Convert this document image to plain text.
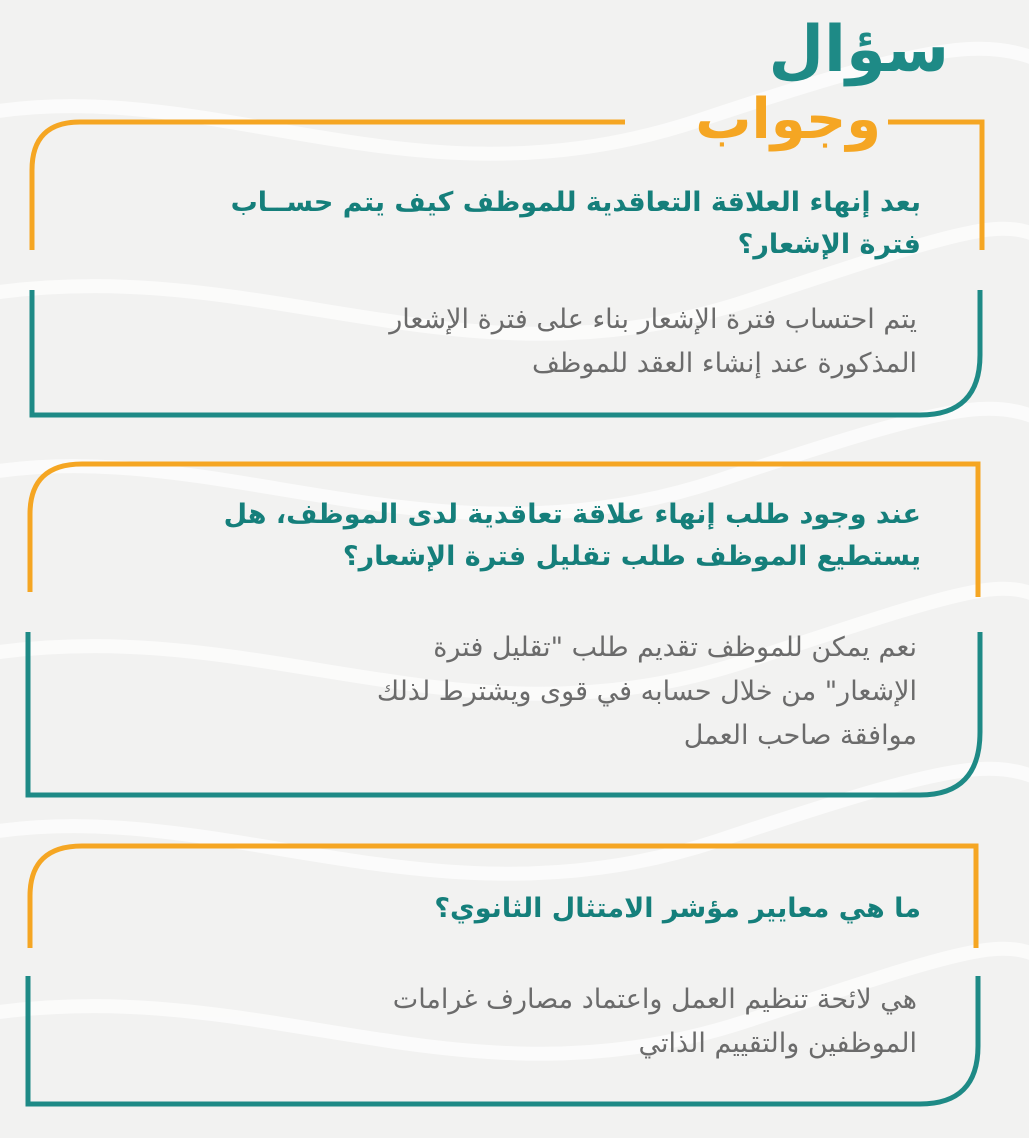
سؤال
وجواب
بعد إنهاء العلاقة التعاقدية للموظف كيف يتم حســاب
فترة الإشعار؟
يتم احتساب فترة الإشعار بناء على فترة الإشعار
المذكورة عند إنشاء العقد للموظف
عند وجود طلب إنهاء علاقة تعاقدية لدى الموظف، هل
يستطيع الموظف طلب تقليل فترة الإشعار؟
نعم يمكن للموظف تقديم طلب "تقليل فترة
الإشعار" من خلال حسابه في قوى ويشترط لذلك
موافقة صاحب العمل
ما هي معايير مؤشر الامتثال الثانوي؟
هي لائحة تنظيم العمل واعتماد مصارف غرامات
الموظفين والتقييم الذاتي
